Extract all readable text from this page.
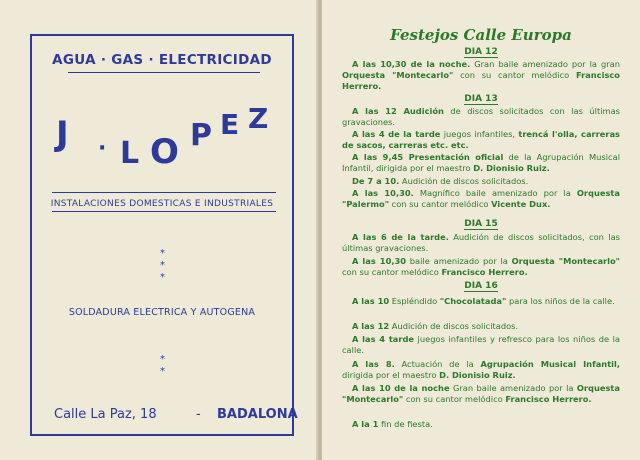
AGUA · GAS · ELECTRICIDAD
J · L O P E Z
INSTALACIONES DOMESTICAS E INDUSTRIALES
*
*
*
SOLDADURA ELECTRICA Y AUTOGENA
*
*
Calle La Paz, 18	- BADALONA
Festejos Calle Europa
DIA 12
A las 10,30 de la noche. Gran baile amenizado por la gran Orquesta "Montecarlo" con su cantor melódico Francisco Herrero.
DIA 13
A las 12 Audición de discos solicitados con las últimas gravaciones.
A las 4 de la tarde juegos infantiles, trencá l'olla, carreras de sacos, carreras etc. etc.
A las 9,45 Presentación oficial de la Agrupación Musical Infantil, dirigida por el maestro D. Dionisio Ruiz.
De 7 a 10. Audición de discos solicitados.
A las 10,30. Magnífico baile amenizado por la Orquesta "Palermo" con su cantor melódico Vicente Dux.
DIA 15
A las 6 de la tarde. Audición de discos solicitados, con las últimas gravaciones.
A las 10,30 baile amenizado por la Orquesta "Montecarlo" con su cantor melódico Francisco Herrero.
DIA 16
A las 10 Espléndido "Chocolatada" para los niños de la calle.
A las 12 Audición de discos solicitados.
A las 4 tarde juegos infantiles y refresco para los niños de la calle.
A las 8. Actuación de la Agrupación Musical Infantil, dirigida por el maestro D. Dionisio Ruiz.
A las 10 de la noche Gran baile amenizado por la Orquesta "Montecarlo" con su cantor melódico Francisco Herrero.
A la 1 fin de fiesta.
